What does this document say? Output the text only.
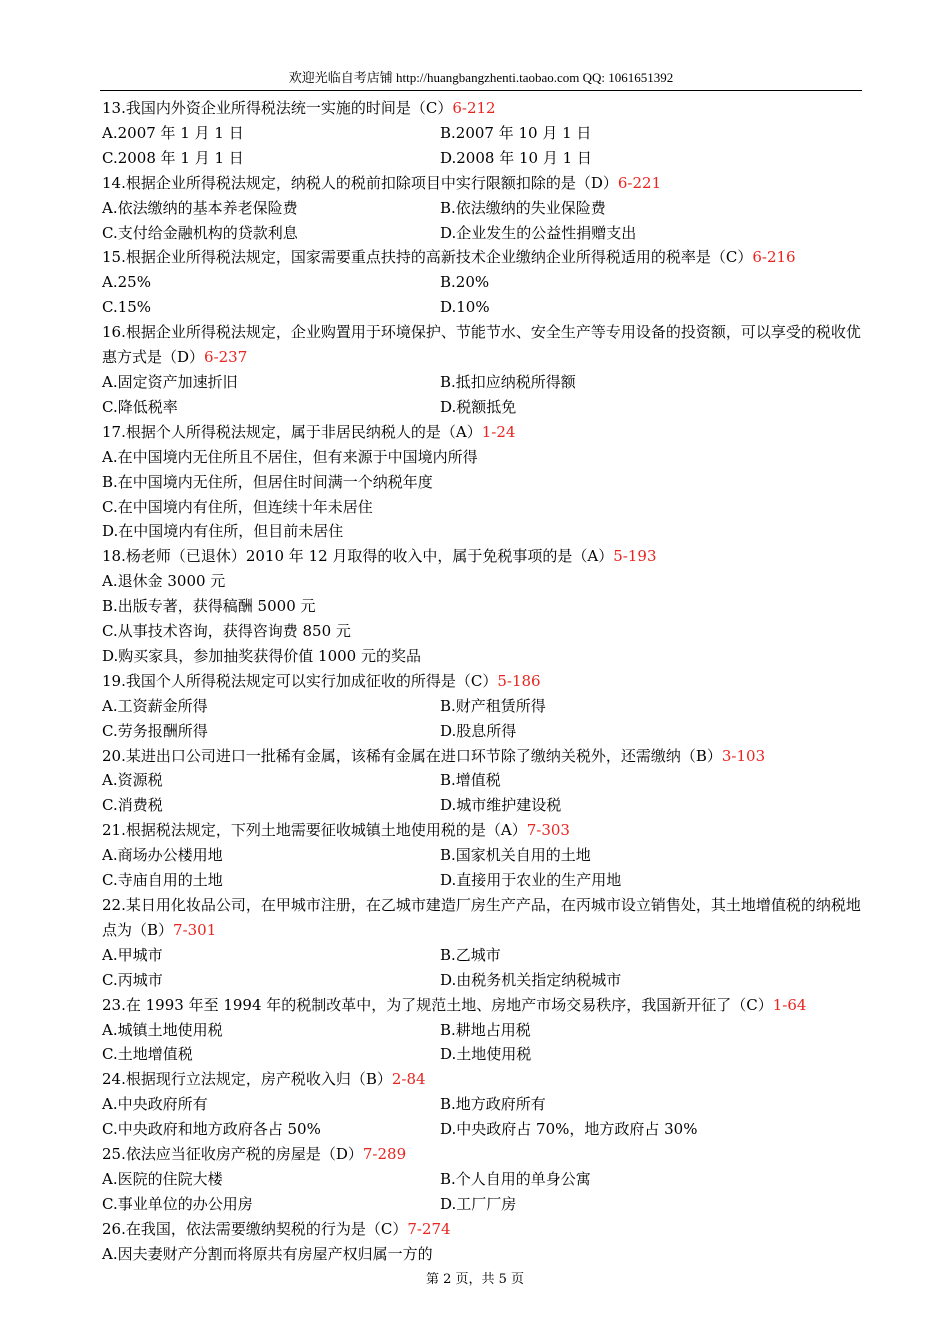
欢迎光临自考店铺 http://huangbangzhenti.taobao.com QQ: 1061651392

13.我国内外资企业所得税法统一实施的时间是（C）6-212

A.2007 年 1 月 1 日	B.2007 年 10 月 1 日
C.2008 年 1 月 1 日	D.2008 年 10 月 1 日

14.根据企业所得税法规定，纳税人的税前扣除项目中实行限额扣除的是（D）6-221

A.依法缴纳的基本养老保险费	B.依法缴纳的失业保险费
C.支付给金融机构的贷款利息	D.企业发生的公益性捐赠支出

15.根据企业所得税法规定，国家需要重点扶持的高新技术企业缴纳企业所得税适用的税率是（C）6-216

A.25%	B.20%
C.15%	D.10%

16.根据企业所得税法规定，企业购置用于环境保护、节能节水、安全生产等专用设备的投资额，可以享受的税收优惠方式是（D）6-237

A.固定资产加速折旧	B.抵扣应纳税所得额
C.降低税率	D.税额抵免

17.根据个人所得税法规定，属于非居民纳税人的是（A）1-24

A.在中国境内无住所且不居住，但有来源于中国境内所得
B.在中国境内无住所，但居住时间满一个纳税年度
C.在中国境内有住所，但连续十年未居住
D.在中国境内有住所，但目前未居住

18.杨老师（已退休）2010 年 12 月取得的收入中，属于免税事项的是（A）5-193

A.退休金 3000 元
B.出版专著，获得稿酬 5000 元
C.从事技术咨询，获得咨询费 850 元
D.购买家具，参加抽奖获得价值 1000 元的奖品

19.我国个人所得税法规定可以实行加成征收的所得是（C）5-186

A.工资薪金所得	B.财产租赁所得
C.劳务报酬所得	D.股息所得

20.某进出口公司进口一批稀有金属，该稀有金属在进口环节除了缴纳关税外，还需缴纳（B）3-103

A.资源税	B.增值税
C.消费税	D.城市维护建设税

21.根据税法规定，下列土地需要征收城镇土地使用税的是（A）7-303

A.商场办公楼用地	B.国家机关自用的土地
C.寺庙自用的土地	D.直接用于农业的生产用地

22.某日用化妆品公司，在甲城市注册，在乙城市建造厂房生产产品，在丙城市设立销售处，其土地增值税的纳税地点为（B）7-301

A.甲城市	B.乙城市
C.丙城市	D.由税务机关指定纳税城市

23.在 1993 年至 1994 年的税制改革中，为了规范土地、房地产市场交易秩序，我国新开征了（C）1-64

A.城镇土地使用税	B.耕地占用税
C.土地增值税	D.土地使用税

24.根据现行立法规定，房产税收入归（B）2-84

A.中央政府所有	B.地方政府所有
C.中央政府和地方政府各占 50%	D.中央政府占 70%，地方政府占 30%

25.依法应当征收房产税的房屋是（D）7-289

A.医院的住院大楼	B.个人自用的单身公寓
C.事业单位的办公用房	D.工厂厂房

26.在我国，依法需要缴纳契税的行为是（C）7-274

A.因夫妻财产分割而将原共有房屋产权归属一方的
第 2 页，共 5 页
